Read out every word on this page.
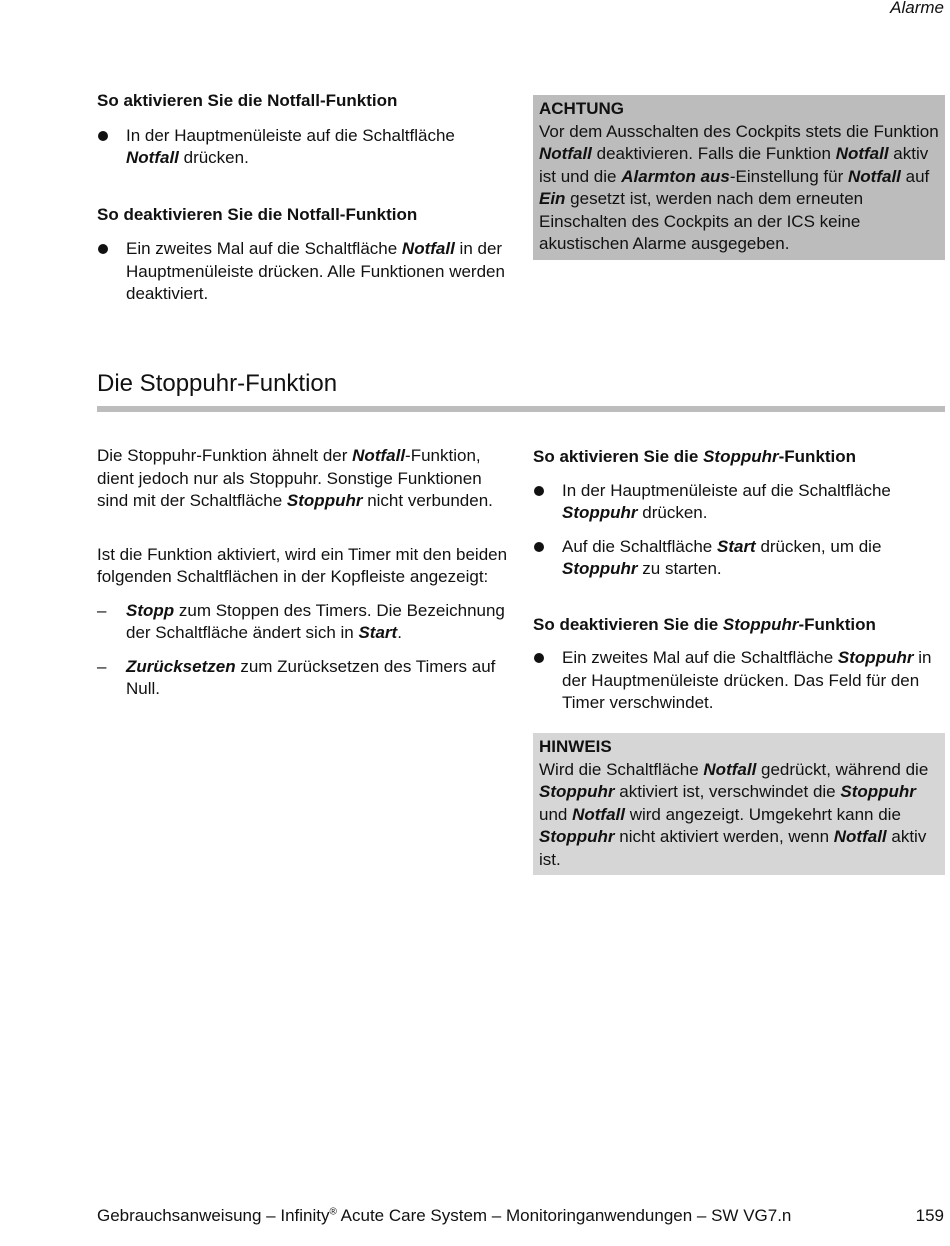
Alarme

So aktivieren Sie die Notfall-Funktion

In der Hauptmenüleiste auf die Schaltfläche Notfall drücken.

So deaktivieren Sie die Notfall-Funktion

Ein zweites Mal auf die Schaltfläche Notfall in der Hauptmenüleiste drücken. Alle Funktionen werden deaktiviert.

ACHTUNG

Vor dem Ausschalten des Cockpits stets die Funktion Notfall deaktivieren. Falls die Funktion Notfall aktiv ist und die Alarmton aus-Einstellung für Notfall auf Ein gesetzt ist, werden nach dem erneuten Einschalten des Cockpits an der ICS keine akustischen Alarme ausgegeben.

Die Stoppuhr-Funktion

Die Stoppuhr-Funktion ähnelt der Notfall-Funktion, dient jedoch nur als Stoppuhr. Sonstige Funktionen sind mit der Schaltfläche Stoppuhr nicht verbunden.

Ist die Funktion aktiviert, wird ein Timer mit den beiden folgenden Schaltflächen in der Kopfleiste angezeigt:

– Stopp zum Stoppen des Timers. Die Bezeichnung der Schaltfläche ändert sich in Start.
– Zurücksetzen zum Zurücksetzen des Timers auf Null.

So aktivieren Sie die Stoppuhr-Funktion

In der Hauptmenüleiste auf die Schaltfläche Stoppuhr drücken.
Auf die Schaltfläche Start drücken, um die Stoppuhr zu starten.

So deaktivieren Sie die Stoppuhr-Funktion

Ein zweites Mal auf die Schaltfläche Stoppuhr in der Hauptmenüleiste drücken. Das Feld für den Timer verschwindet.

HINWEIS

Wird die Schaltfläche Notfall gedrückt, während die Stoppuhr aktiviert ist, verschwindet die Stoppuhr und Notfall wird angezeigt. Umgekehrt kann die Stoppuhr nicht aktiviert werden, wenn Notfall aktiv ist.

Gebrauchsanweisung – Infinity® Acute Care System – Monitoringanwendungen – SW VG7.n	159
